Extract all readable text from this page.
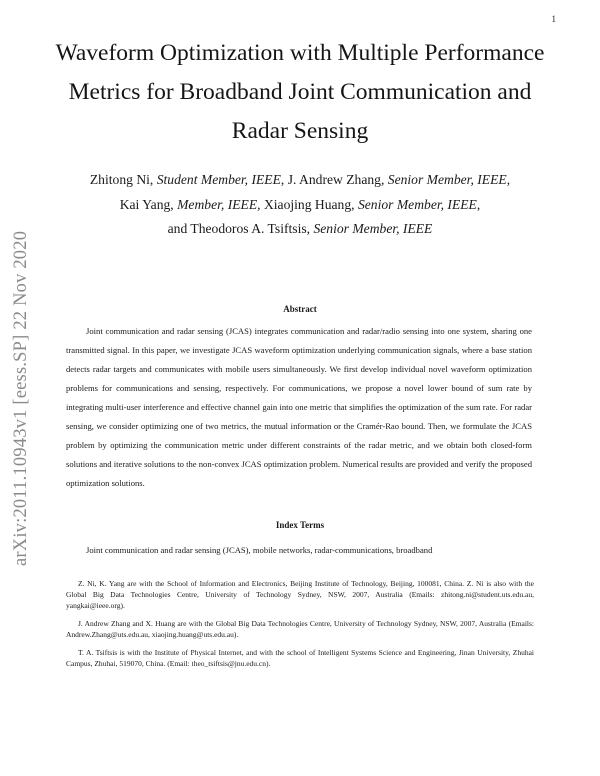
1
arXiv:2011.10943v1 [eess.SP] 22 Nov 2020
Waveform Optimization with Multiple Performance Metrics for Broadband Joint Communication and Radar Sensing
Zhitong Ni, Student Member, IEEE, J. Andrew Zhang, Senior Member, IEEE,
Kai Yang, Member, IEEE, Xiaojing Huang, Senior Member, IEEE,
and Theodoros A. Tsiftsis, Senior Member, IEEE
Abstract
Joint communication and radar sensing (JCAS) integrates communication and radar/radio sensing into one system, sharing one transmitted signal. In this paper, we investigate JCAS waveform optimization underlying communication signals, where a base station detects radar targets and communicates with mobile users simultaneously. We first develop individual novel waveform optimization problems for communications and sensing, respectively. For communications, we propose a novel lower bound of sum rate by integrating multi-user interference and effective channel gain into one metric that simplifies the optimization of the sum rate. For radar sensing, we consider optimizing one of two metrics, the mutual information or the Cramér-Rao bound. Then, we formulate the JCAS problem by optimizing the communication metric under different constraints of the radar metric, and we obtain both closed-form solutions and iterative solutions to the non-convex JCAS optimization problem. Numerical results are provided and verify the proposed optimization solutions.
Index Terms
Joint communication and radar sensing (JCAS), mobile networks, radar-communications, broadband

Z. Ni, K. Yang are with the School of Information and Electronics, Beijing Institute of Technology, Beijing, 100081, China. Z. Ni is also with the Global Big Data Technologies Centre, University of Technology Sydney, NSW, 2007, Australia (Emails: zhitong.ni@student.uts.edu.au, yangkai@ieee.org).

J. Andrew Zhang and X. Huang are with the Global Big Data Technologies Centre, University of Technology Sydney, NSW, 2007, Australia (Emails: Andrew.Zhang@uts.edu.au, xiaojing.huang@uts.edu.au).

T. A. Tsiftsis is with the Institute of Physical Internet, and with the school of Intelligent Systems Science and Engineering, Jinan University, Zhuhai Campus, Zhuhai, 519070, China. (Email: theo_tsiftsis@jnu.edu.cn).
